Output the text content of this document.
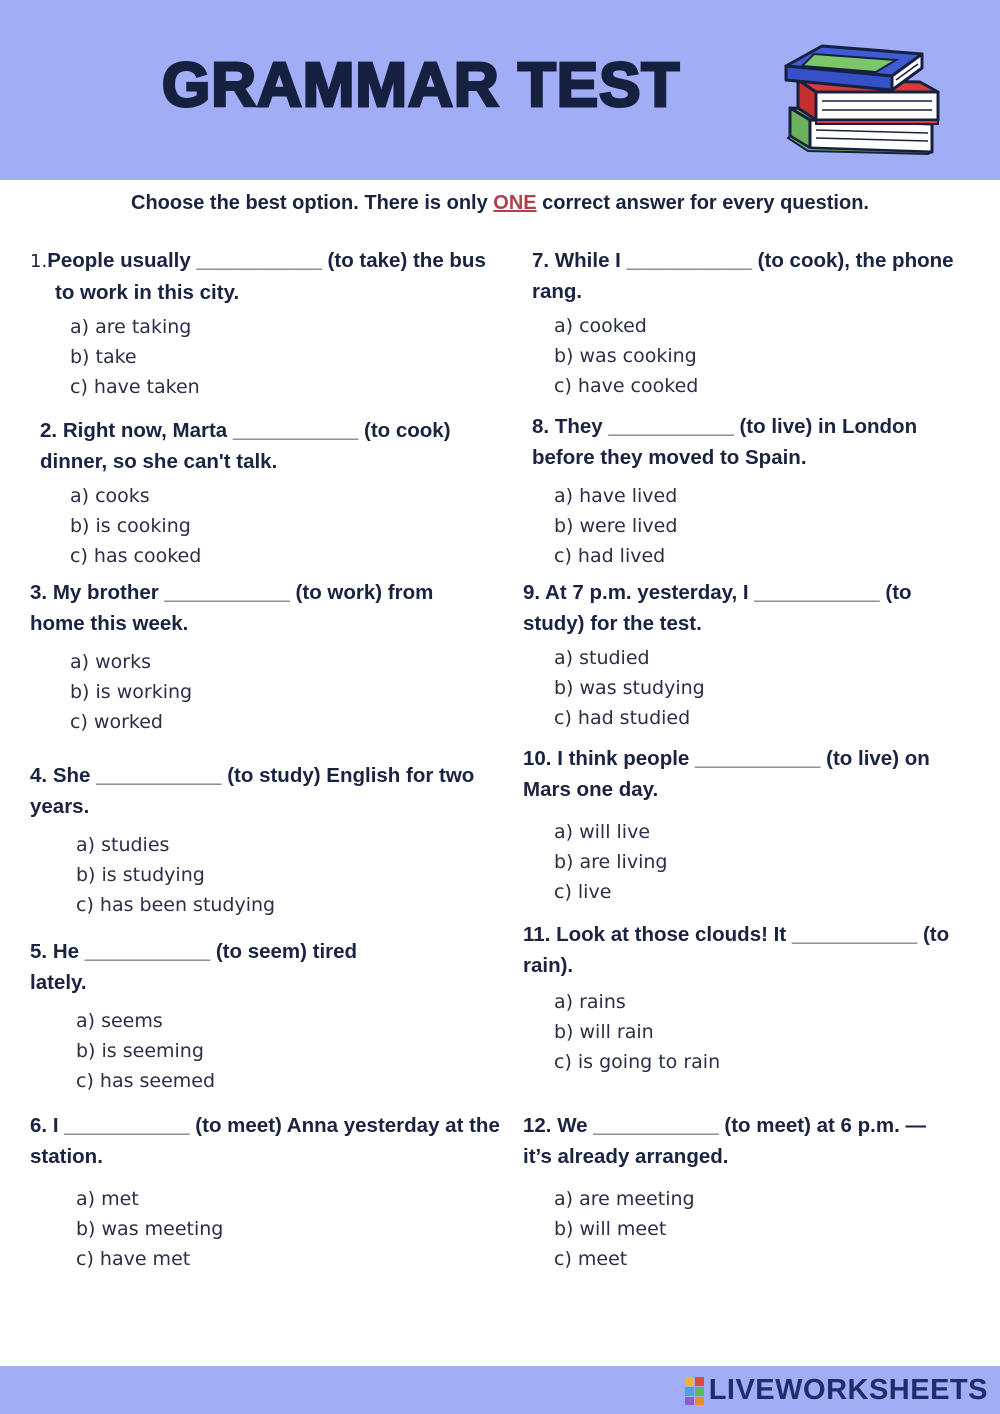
GRAMMAR TEST
Choose the best option. There is only ONE correct answer for every question.
1.People usually ___________ (to take) the bus to work in this city.
a) are taking
b) take
c) have taken
2. Right now, Marta ___________ (to cook) dinner, so she can't talk.
a) cooks
b) is cooking
c) has cooked
3. My brother ___________ (to work) from home this week.
a) works
b) is working
c) worked
4. She ___________ (to study) English for two years.
a) studies
b) is studying
c) has been studying
5. He ___________ (to seem) tired lately.
a) seems
b) is seeming
c) has seemed
6. I ___________ (to meet) Anna yesterday at the station.
a) met
b) was meeting
c) have met
7. While I ___________ (to cook), the phone rang.
a) cooked
b) was cooking
c) have cooked
8. They ___________ (to live) in London before they moved to Spain.
a) have lived
b) were lived
c) had lived
9. At 7 p.m. yesterday, I ___________ (to study) for the test.
a) studied
b) was studying
c) had studied
10. I think people ___________ (to live) on Mars one day.
a) will live
b) are living
c) live
11. Look at those clouds! It ___________ (to rain).
a) rains
b) will rain
c) is going to rain
12. We ___________ (to meet) at 6 p.m. — it’s already arranged.
a) are meeting
b) will meet
c) meet
LIVEWORKSHEETS
